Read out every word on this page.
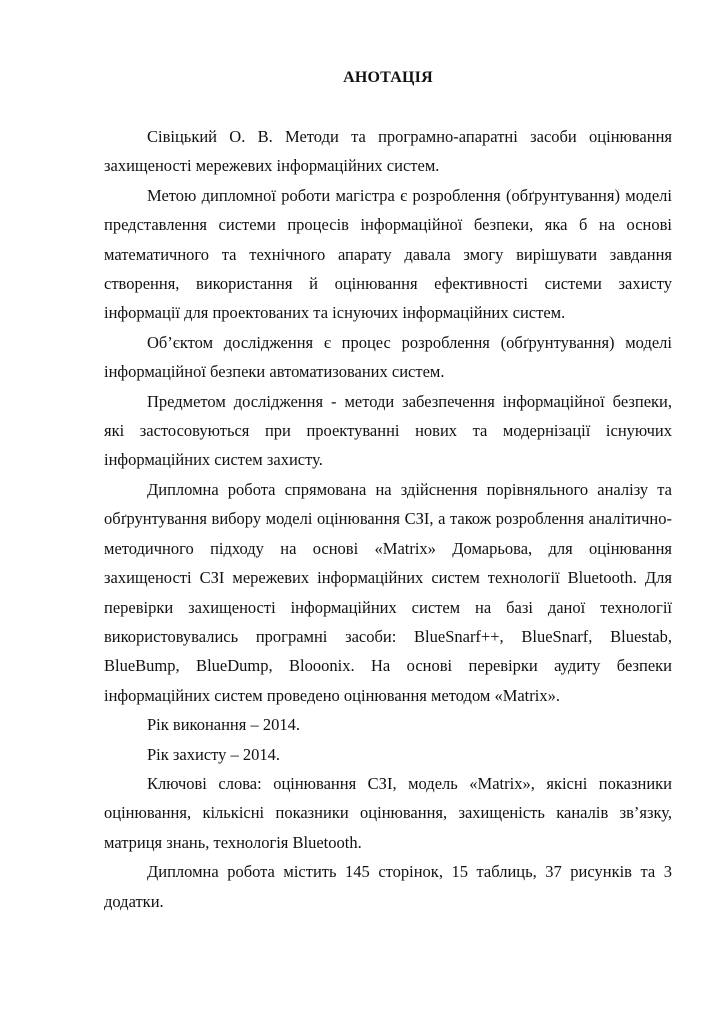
АНОТАЦІЯ

Сівіцький О. В. Методи та програмно-апаратні засоби оцінювання захищеності мережевих інформаційних систем.

Метою дипломної роботи магістра є розроблення (обґрунтування) моделі представлення системи процесів інформаційної безпеки, яка б на основі математичного та технічного апарату давала змогу вирішувати завдання створення, використання й оцінювання ефективності системи захисту інформації для проектованих та існуючих інформаційних систем.

Об’єктом дослідження є процес розроблення (обґрунтування) моделі інформаційної безпеки автоматизованих систем.

Предметом дослідження - методи забезпечення інформаційної безпеки, які застосовуються при проектуванні нових та модернізації існуючих інформаційних систем захисту.

Дипломна робота спрямована на здійснення порівняльного аналізу та обґрунтування вибору моделі оцінювання СЗІ, а також розроблення аналітично-методичного підходу на основі «Matrix» Домарьова, для оцінювання захищеності СЗІ мережевих інформаційних систем технології Bluetooth. Для перевірки захищеності інформаційних систем на базі даної технології використовувались програмні засоби: BlueSnarf++, BlueSnarf, Bluestab, BlueBump, BlueDump, Blooonix. На основі перевірки аудиту безпеки інформаційних систем проведено оцінювання методом «Matrix».

Рік виконання – 2014.

Рік захисту – 2014.

Ключові слова: оцінювання СЗІ, модель «Matrix», якісні показники оцінювання, кількісні показники оцінювання, захищеність каналів зв’язку, матриця знань, технологія Bluetooth.

Дипломна робота містить 145 сторінок, 15 таблиць, 37 рисунків та 3 додатки.
